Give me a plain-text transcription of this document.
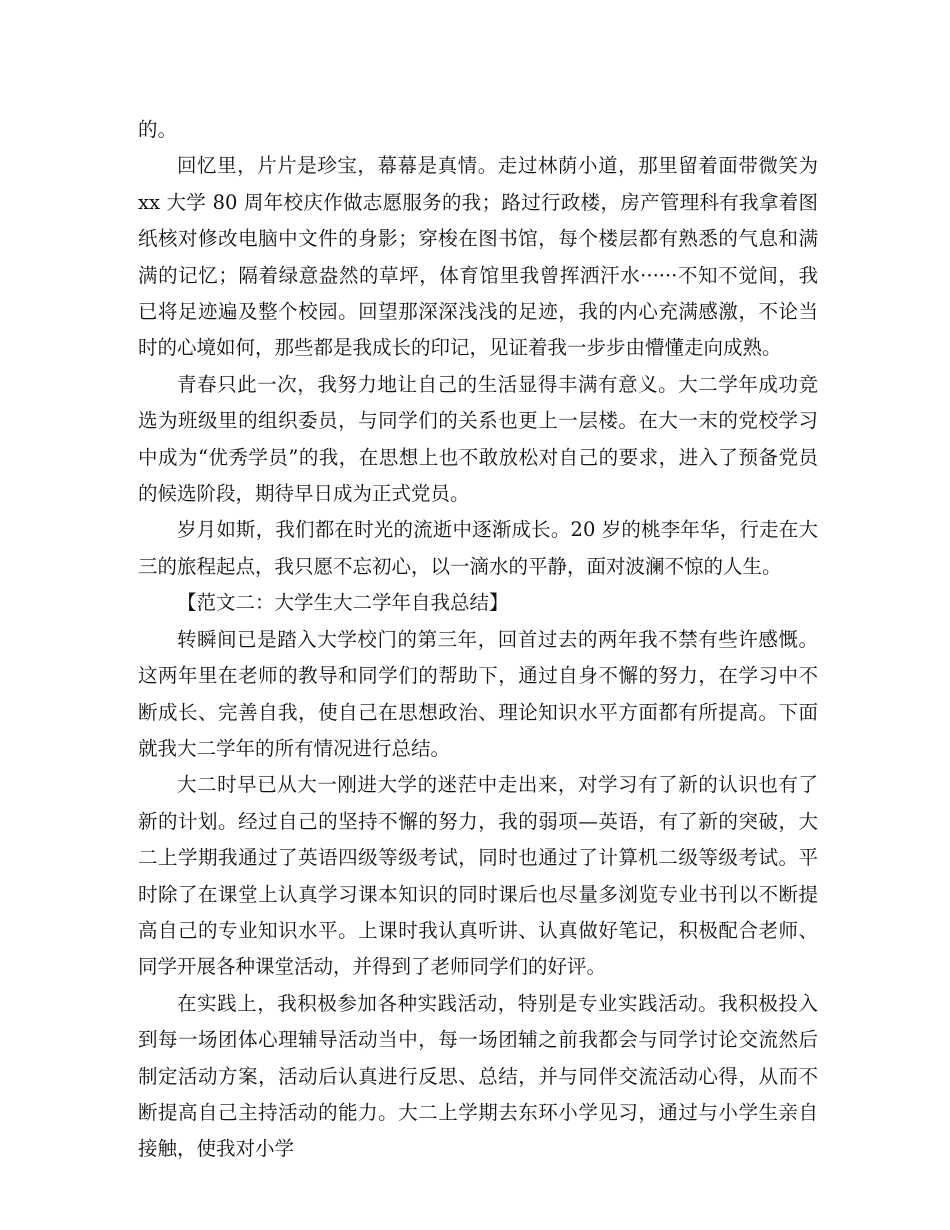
的。

回忆里，片片是珍宝，幕幕是真情。走过林荫小道，那里留着面带微笑为 xx 大学 80 周年校庆作做志愿服务的我；路过行政楼，房产管理科有我拿着图纸核对修改电脑中文件的身影；穿梭在图书馆，每个楼层都有熟悉的气息和满满的记忆；隔着绿意盎然的草坪，体育馆里我曾挥洒汗水······不知不觉间，我已将足迹遍及整个校园。回望那深深浅浅的足迹，我的内心充满感激，不论当时的心境如何，那些都是我成长的印记，见证着我一步步由懵懂走向成熟。

青春只此一次，我努力地让自己的生活显得丰满有意义。大二学年成功竞选为班级里的组织委员，与同学们的关系也更上一层楼。在大一末的党校学习中成为“优秀学员”的我，在思想上也不敢放松对自己的要求，进入了预备党员的候选阶段，期待早日成为正式党员。

岁月如斯，我们都在时光的流逝中逐渐成长。20 岁的桃李年华，行走在大三的旅程起点，我只愿不忘初心，以一滴水的平静，面对波澜不惊的人生。

【范文二：大学生大二学年自我总结】

转瞬间已是踏入大学校门的第三年，回首过去的两年我不禁有些许感慨。这两年里在老师的教导和同学们的帮助下，通过自身不懈的努力，在学习中不断成长、完善自我，使自己在思想政治、理论知识水平方面都有所提高。下面就我大二学年的所有情况进行总结。

大二时早已从大一刚进大学的迷茫中走出来，对学习有了新的认识也有了新的计划。经过自己的坚持不懈的努力，我的弱项—英语，有了新的突破，大二上学期我通过了英语四级等级考试，同时也通过了计算机二级等级考试。平时除了在课堂上认真学习课本知识的同时课后也尽量多浏览专业书刊以不断提高自己的专业知识水平。上课时我认真听讲、认真做好笔记，积极配合老师、同学开展各种课堂活动，并得到了老师同学们的好评。

在实践上，我积极参加各种实践活动，特别是专业实践活动。我积极投入到每一场团体心理辅导活动当中，每一场团辅之前我都会与同学讨论交流然后制定活动方案，活动后认真进行反思、总结，并与同伴交流活动心得，从而不断提高自己主持活动的能力。大二上学期去东环小学见习，通过与小学生亲自接触，使我对小学
